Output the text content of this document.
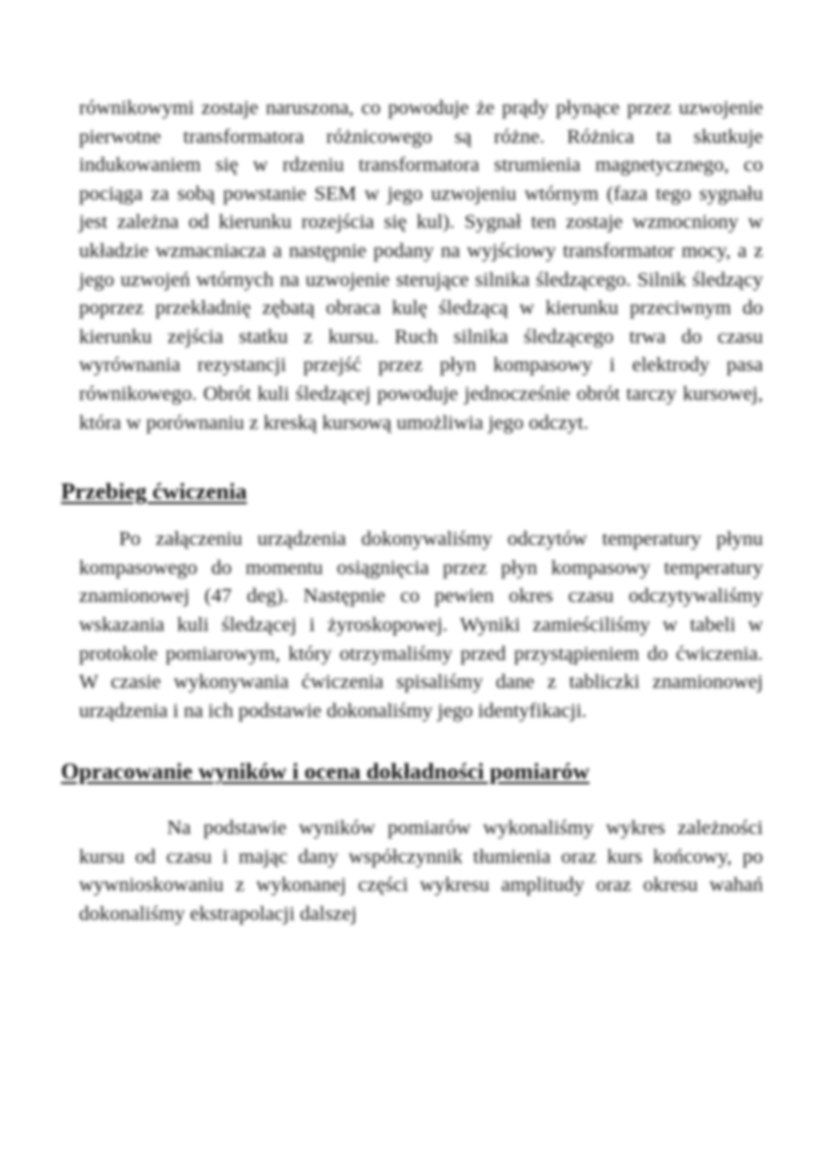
równikowymi zostaje naruszona, co powoduje że prądy płynące przez uzwojenie pierwotne transformatora różnicowego są różne. Różnica ta skutkuje indukowaniem się w rdzeniu transformatora strumienia magnetycznego, co pociąga za sobą powstanie SEM w jego uzwojeniu wtórnym (faza tego sygnału jest zależna od kierunku rozejścia się kul). Sygnał ten zostaje wzmocniony w układzie wzmacniacza a następnie podany na wyjściowy transformator mocy, a z jego uzwojeń wtórnych na uzwojenie sterujące silnika śledzącego. Silnik śledzący poprzez przekładnię zębatą obraca kulę śledzącą w kierunku przeciwnym do kierunku zejścia statku z kursu. Ruch silnika śledzącego trwa do czasu wyrównania rezystancji przejść przez płyn kompasowy i elektrody pasa równikowego. Obrót kuli śledzącej powoduje jednocześnie obrót tarczy kursowej, która w porównaniu z kreską kursową umożliwia jego odczyt.

Przebieg ćwiczenia

Po załączeniu urządzenia dokonywaliśmy odczytów temperatury płynu kompasowego do momentu osiągnięcia przez płyn kompasowy temperatury znamionowej (47 deg). Następnie co pewien okres czasu odczytywaliśmy wskazania kuli śledzącej i żyroskopowej. Wyniki zamieściliśmy w tabeli w protokole pomiarowym, który otrzymaliśmy przed przystąpieniem do ćwiczenia. W czasie wykonywania ćwiczenia spisaliśmy dane z tabliczki znamionowej urządzenia i na ich podstawie dokonaliśmy jego identyfikacji.

Opracowanie wyników i ocena dokładności pomiarów

Na podstawie wyników pomiarów wykonaliśmy wykres zależności kursu od czasu i mając dany współczynnik tłumienia oraz kurs końcowy, po wywnioskowaniu z wykonanej części wykresu amplitudy oraz okresu wahań dokonaliśmy ekstrapolacji dalszej
